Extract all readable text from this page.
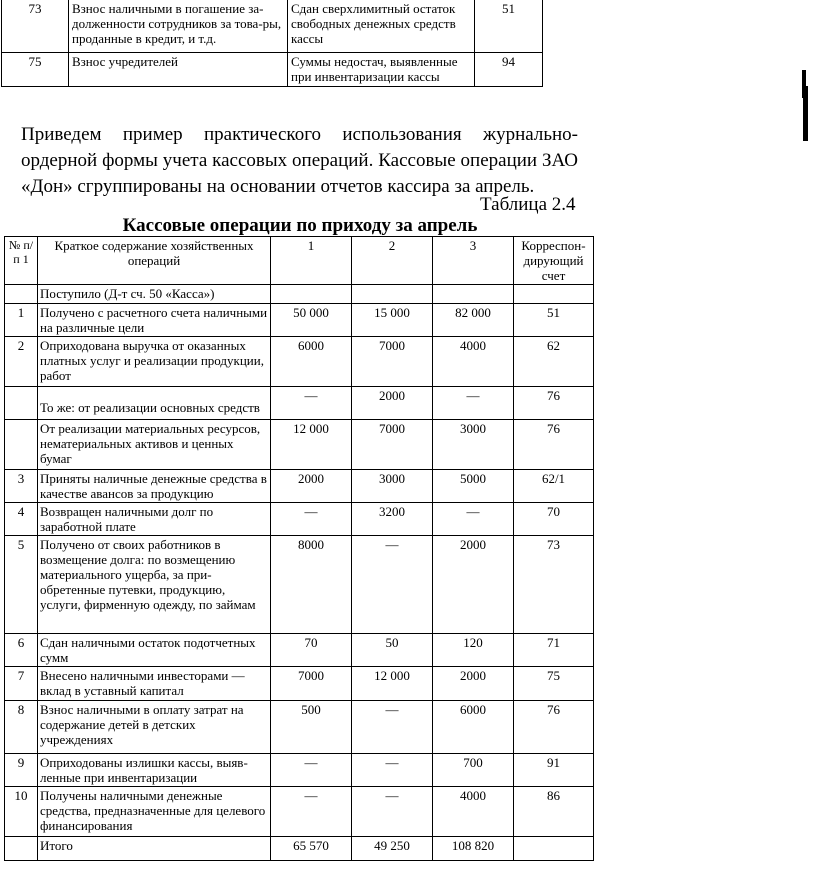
73	Взнос наличными в погашение за-долженности сотрудников за това-ры, проданные в кредит, и т.д.	Сдан сверхлимитный остаток свободных денежных средств кассы	51
75	Взнос учредителей	Суммы недостач, выявленные при инвентаризации кассы	94

Приведем пример практического использования журнально-ордерной формы учета кассовых операций. Кассовые операции ЗАО «Дон» сгруппированы на основании отчетов кассира за апрель.

Таблица 2.4
Кассовые операции по приходу за апрель
№ п/п 1	Краткое содержание хозяйственных операций	1	2	3	Корреспон-дирующий счет
	Поступило (Д-т сч. 50 «Касса»)				
1	Получено с расчетного счета наличными на различные цели	50 000	15 000	82 000	51
2	Оприходована выручка от оказанных платных услуг и реализации продукции, работ	6000	7000	4000	62
	То же: от реализации основных средств	—	2000	—	76
	От реализации материальных ресурсов, нематериальных активов и ценных бумаг	12 000	7000	3000	76
3	Приняты наличные денежные средства в качестве авансов за продукцию	2000	3000	5000	62/1
4	Возвращен наличными долг по заработной плате	—	3200	—	70
5	Получено от своих работников в возмещение долга: по возмещению материального ущерба, за при-обретенные путевки, продукцию, услуги, фирменную одежду, по займам	8000	—	2000	73
6	Сдан наличными остаток подотчетных сумм	70	50	120	71
7	Внесено наличными инвесторами — вклад в уставный капитал	7000	12 000	2000	75
8	Взнос наличными в оплату затрат на содержание детей в детских учреждениях	500	—	6000	76
9	Оприходованы излишки кассы, выяв-ленные при инвентаризации	—	—	700	91
10	Получены наличными денежные средства, предназначенные для целевого финансирования	—	—	4000	86
	Итого	65 570	49 250	108 820	
